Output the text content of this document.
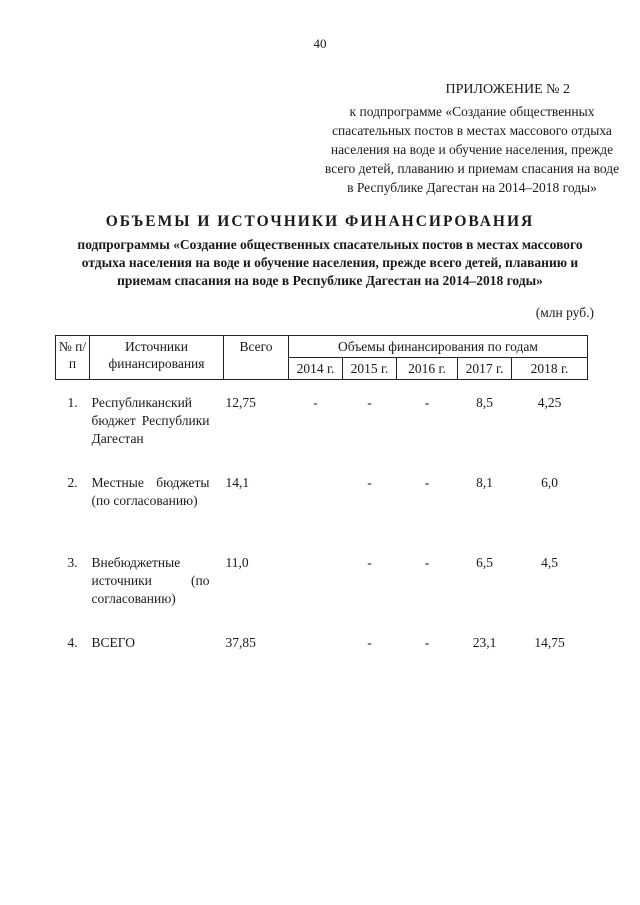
40
ПРИЛОЖЕНИЕ № 2
к подпрограмме «Создание общественных спасательных постов в местах массового отдыха населения на воде и обучение населения, прежде всего детей, плаванию и приемам спасания на воде в Республике Дагестан на 2014–2018 годы»
ОБЪЕМЫ И ИСТОЧНИКИ ФИНАНСИРОВАНИЯ
подпрограммы «Создание общественных спасательных постов в местах массового отдыха населения на воде и обучение населения, прежде всего детей, плаванию и приемам спасания на воде в Республике Дагестан на 2014–2018 годы»
(млн руб.)
№ п/п	Источники финансирования	Всего	Объемы финансирования по годам				
			2014 г.	2015 г.	2016 г.	2017 г.	2018 г.

1.	Республиканский бюджет Республики Дагестан	12,75	-	-	-	8,5	4,25
2.	Местные бюджеты (по согласованию)	14,1		-	-	8,1	6,0
3.	Внебюджетные источники (по согласованию)	11,0		-	-	6,5	4,5
4.	ВСЕГО	37,85		-	-	23,1	14,75
